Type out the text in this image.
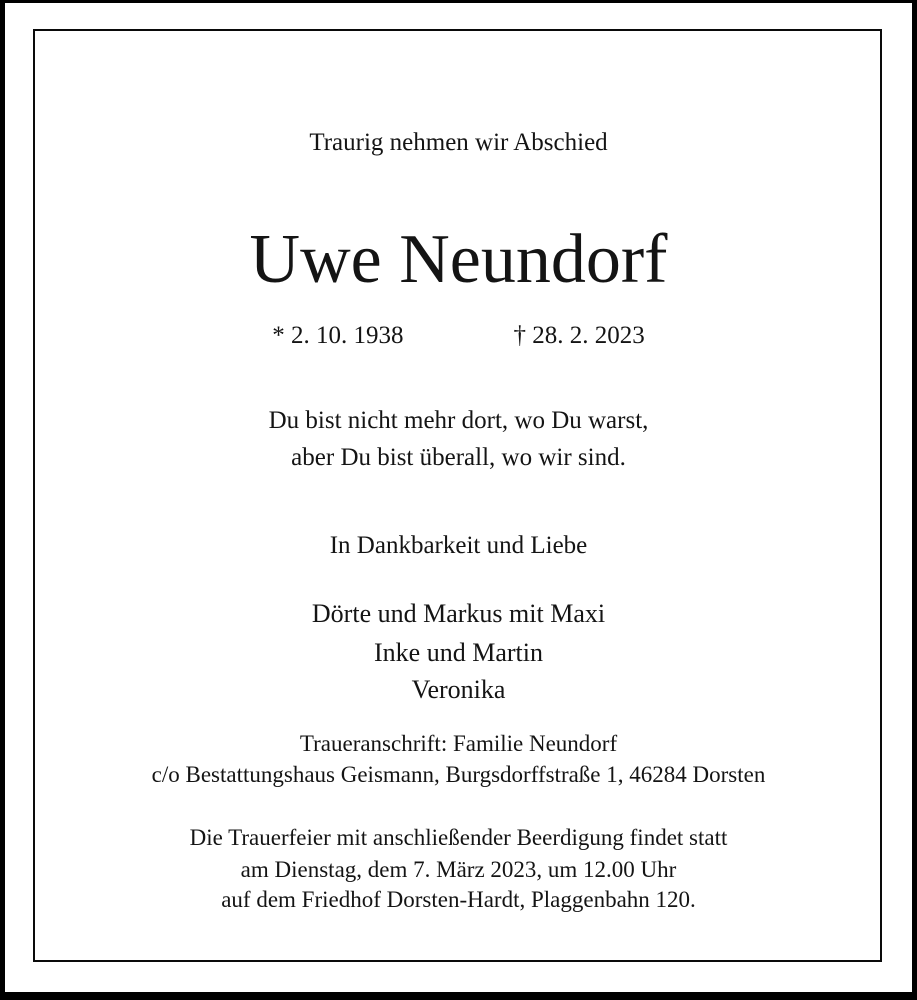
Traurig nehmen wir Abschied
Uwe Neundorf
* 2. 10. 1938	† 28. 2. 2023
Du bist nicht mehr dort, wo Du warst,
aber Du bist überall, wo wir sind.
In Dankbarkeit und Liebe
Dörte und Markus mit Maxi
Inke und Martin
Veronika
Traueranschrift: Familie Neundorf
c/o Bestattungshaus Geismann, Burgsdorffstraße 1, 46284 Dorsten
Die Trauerfeier mit anschließender Beerdigung findet statt
am Dienstag, dem 7. März 2023, um 12.00 Uhr
auf dem Friedhof Dorsten-Hardt, Plaggenbahn 120.
